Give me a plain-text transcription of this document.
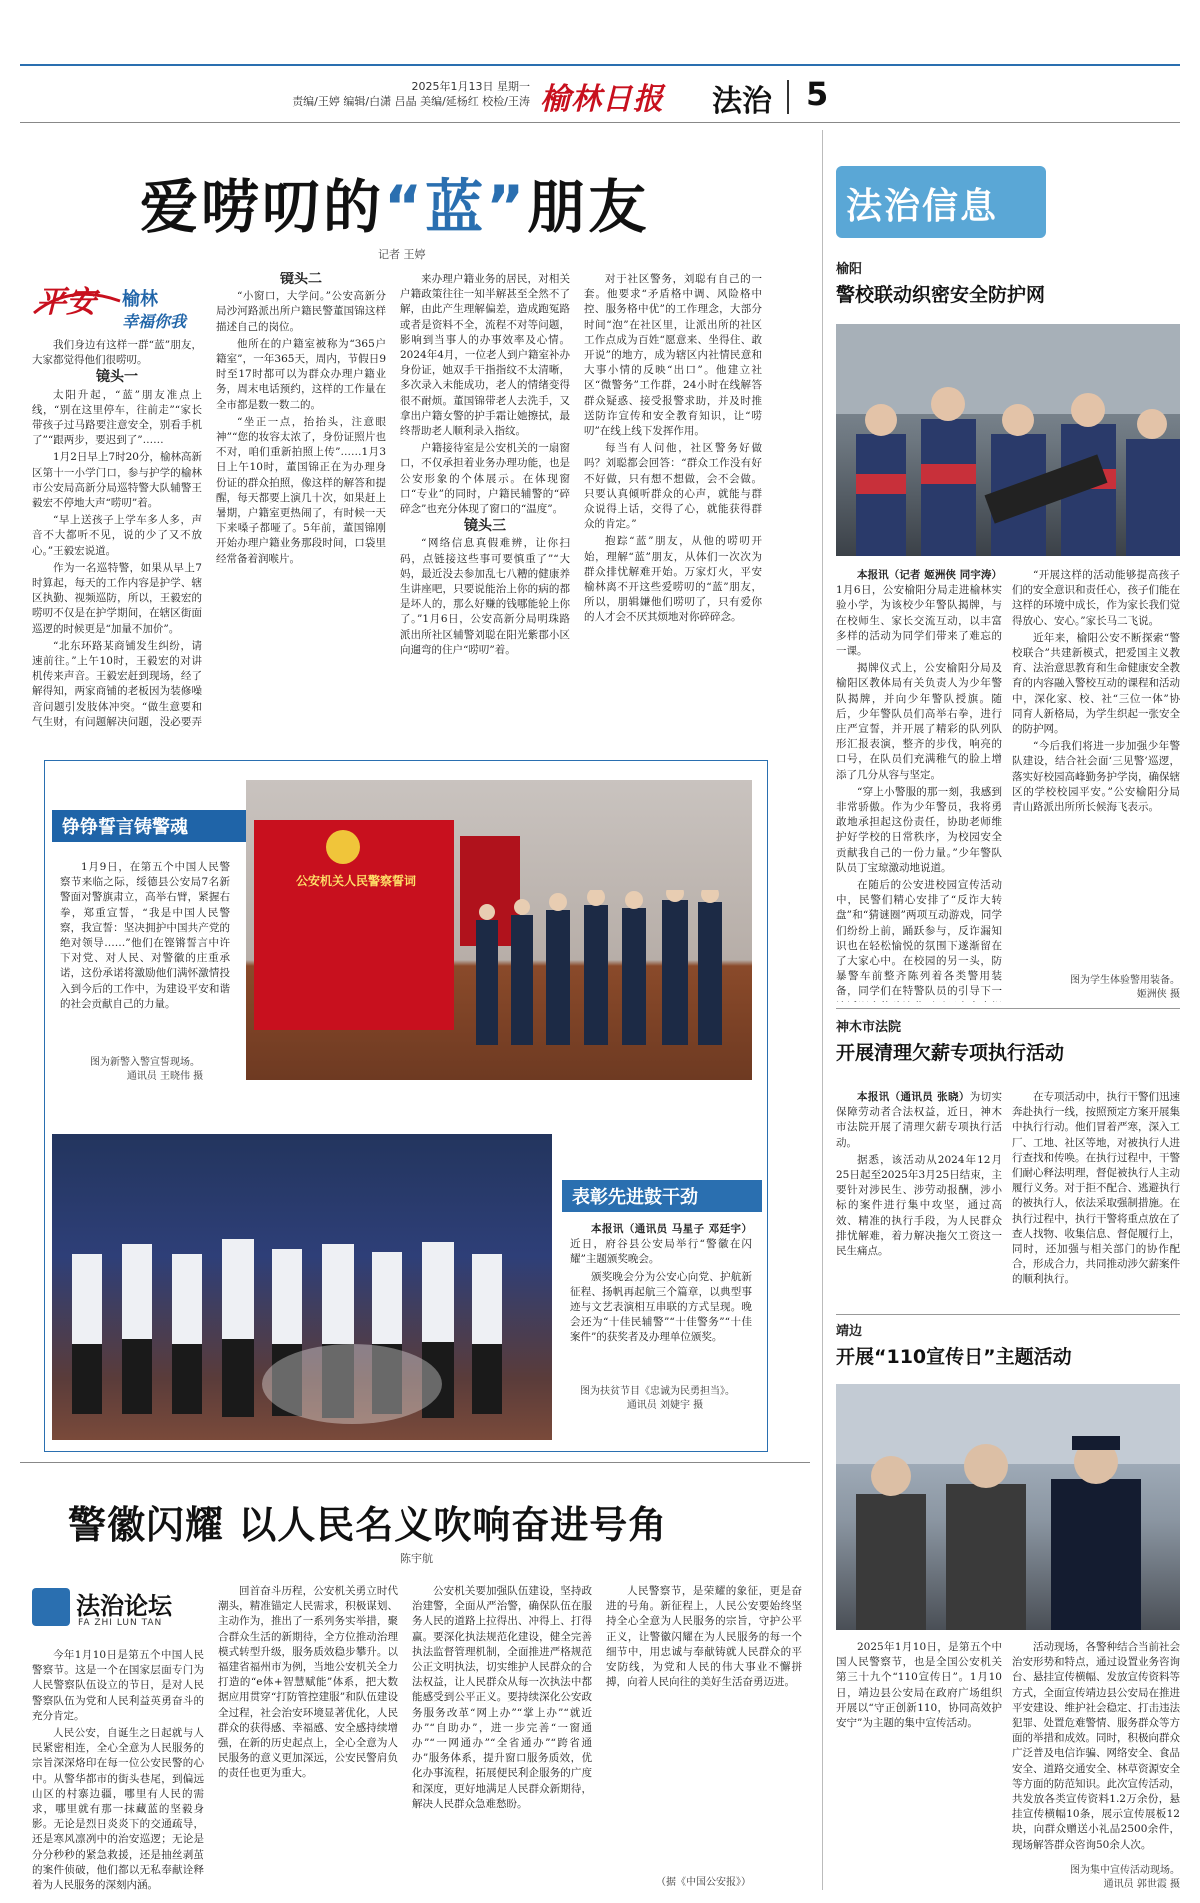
2025年1月13日 星期一
责编/王婷 编辑/白潇 吕晶 美编/延杨红 校检/王涛 榆林日报 法治 5
爱唠叨的“蓝”朋友
记者 王婷
平安 榆林
幸福你我

我们身边有这样一群“蓝”朋友，大家都觉得他们很唠叨。

镜头一

太阳升起，“蓝”朋友准点上线，“别在这里停车，往前走”“家长带孩子过马路要注意安全，别看手机了”“跟两步，要迟到了”……

1月2日早上7时20分，榆林高新区第十一小学门口，参与护学的榆林市公安局高新分局巡特警大队辅警王毅宏不停地大声“唠叨”着。

“早上送孩子上学车多人多，声音不大都听不见，说的少了又不放心。”王毅宏说道。

作为一名巡特警，如果从早上7时算起，每天的工作内容是护学、辖区执勤、视频巡防，所以，王毅宏的唠叨不仅是在护学期间，在辖区街面巡逻的时候更是“加量不加价”。

“北东环路某商铺发生纠纷，请速前往。”上午10时，王毅宏的对讲机传来声音。王毅宏赶到现场，经了解得知，两家商铺的老板因为装修噪音问题引发肢体冲突。“做生意要和气生财，有问题解决问题，没必要弄

镜头二

“小窗口，大学问。”公安高新分局沙河路派出所户籍民警董国锦这样描述自己的岗位。

他所在的户籍室被称为“365户籍室”，一年365天，周内，节假日9时至17时都可以为群众办理户籍业务，周末电话预约，这样的工作量在全市都是数一数二的。

“坐正一点，抬抬头，注意眼神”“您的妆容太浓了，身份证照片也不对，咱们重新拍照上传”……1月3日上午10时，董国锦正在为办理身份证的群众拍照，像这样的解答和提醒，每天都要上演几十次，如果赶上暑期，户籍室更热闹了，有时候一天下来嗓子都哑了。5年前，董国锦刚开始办理户籍业务那段时间，口袋里经常备着润喉片。

来办理户籍业务的居民，对相关户籍政策往往一知半解甚至全然不了解，由此产生理解偏差，造成跑冤路或者是资料不全，流程不对等问题，影响到当事人的办事效率及心情。2024年4月，一位老人到户籍室补办身份证，她双手干指指纹不太清晰，多次录入未能成功，老人的情绪变得很不耐烦。董国锦带老人去洗手，又拿出户籍女警的护手霜让她擦拭，最终帮助老人顺利录入指纹。

户籍接待室是公安机关的一扇窗口，不仅承担着业务办理功能，也是公安形象的个体展示。在体现窗口“专业”的同时，户籍民辅警的“碎碎念”也充分体现了窗口的“温度”。

镜头三

“网络信息真假难辨，让你扫码，点链接这些事可要慎重了”“大妈，最近没去参加乱七八糟的健康养生讲座吧，只要说能治上你的病的都是坏人的，那么好赚的钱哪能轮上你了。”1月6日，公安高新分局明珠路派出所社区辅警刘聪在阳光紫郡小区向遛弯的住户“唠叨”着。

对于社区警务，刘聪有自己的一套。他要求“矛盾格中调、风险格中控、服务格中优”的工作理念，大部分时间“泡”在社区里，让派出所的社区工作点成为百姓“愿意来、坐得住、敢开说”的地方，成为辖区内社情民意和大事小情的反映“出口”。他建立社区“微警务”工作群，24小时在线解答群众疑惑、接受报警求助，并及时推送防诈宣传和安全教育知识，让“唠叨”在线上线下发挥作用。

每当有人问他，社区警务好做吗？刘聪都会回答：“群众工作没有好不好做，只有想不想做，会不会做。只要认真倾听群众的心声，就能与群众说得上话，交得了心，就能获得群众的肯定。”

抱踪“蓝”朋友，从他的唠叨开始，理解“蓝”朋友，从体们一次次为群众排忧解难开始。万家灯火，平安榆林离不开这些爱唠叨的“蓝”朋友，所以，朋辑嫌他们唠叨了，只有爱你的人才会不厌其烦地对你碎碎念。

铮铮誓言铸警魂

1月9日，在第五个中国人民警察节来临之际，绥德县公安局7名新警面对警旗肃立，高举右臂，紧握右拳，郑重宣誓，“我是中国人民警察，我宣誓：坚决拥护中国共产党的绝对领导……”他们在铿锵誓言中许下对党、对人民、对警徽的庄重承诺，这份承诺将激励他们满怀激情投入到今后的工作中，为建设平安和谐的社会贡献自己的力量。

图为新警入警宣誓现场。
通讯员 王晓伟 摄
公安机关人民警察誓词
表彰先进鼓干劲

本报讯（通讯员 马星子 邓廷宇）近日，府谷县公安局举行“警徽在闪耀”主题颁奖晚会。

颁奖晚会分为公安心向党、护航新征程、扬帆再起航三个篇章，以典型事迹与文艺表演相互串联的方式呈现。晚会还为“十佳民辅警”“十佳警务”“十佳案件”的获奖者及办理单位颁奖。

图为扶贫节目《忠诚为民勇担当》。
通讯员 刘婕宇 摄
法治信息
榆阳
警校联动织密安全防护网

本报讯（记者 姬洲侠 同宇涛）1月6日，公安榆阳分局走进榆林实验小学，为该校少年警队揭牌，与在校师生、家长交流互动，以丰富多样的活动为同学们带来了难忘的一课。

揭牌仪式上，公安榆阳分局及榆阳区教体局有关负责人为少年警队揭牌，并向少年警队授旗。随后，少年警队员们高举右拳，进行庄严宣誓，并开展了精彩的队列队形汇报表演，整齐的步伐，响亮的口号，在队员们充满稚气的脸上增添了几分从容与坚定。

“穿上小警服的那一刻，我感到非常骄傲。作为少年警员，我将勇敢地承担起这份责任，协助老师维护好学校的日常秩序，为校园安全贡献我自己的一份力量。”少年警队队员丁宝琼激动地说道。

在随后的公安进校园宣传活动中，民警们精心安排了“反诈大转盘”和“猜谜圈”两项互动游戏，同学们纷纷上前，踊跃参与，反诈漏知识也在轻松愉悦的氛围下遂渐留在了大家心中。在校园的另一头，防暴警车前整齐陈列着各类警用装备，同学们在特警队员的引导下一

“开展这样的活动能够提高孩子们的安全意识和责任心，孩子们能在这样的环境中成长，作为家长我们觉得放心、安心。”家长马二飞说。

近年来，榆阳公安不断探索“警校联合”共建新模式，把爱国主义教育、法治意思教育和生命健康安全教育的内容融入警校互动的课程和活动中，深化家、校、社“三位一体”协同育人新格局，为学生织起一张安全的防护网。

“今后我们将进一步加强少年警队建设，结合社会面‘三见警’巡逻，落实好校园高峰勤务护学岗，确保辖区的学校校园平安。”公安榆阳分局青山路派出所所长候海飞表示。

图为学生体验警用装备。
姬洲侠 摄
神木市法院
开展清理欠薪专项执行活动

本报讯（通讯员 张晓）为切实保障劳动者合法权益，近日，神木市法院开展了清理欠薪专项执行活动。

据悉，该活动从2024年12月25日起至2025年3月25日结束，主要针对涉民生、涉劳动报酬，涉小标的案件进行集中攻坚，通过高效、精准的执行手段，为人民群众排忧解难，着力解决拖欠工资这一民生痛点。

在专项活动中，执行干警们迅速奔赴执行一线，按照预定方案开展集中执行行动。他们冒着严寒，深入工厂、工地、社区等地，对被执行人进行查找和传唤。在执行过程中，干警们耐心释法明理，督促被执行人主动履行义务。对于拒不配合、逃避执行的被执行人，依法采取强制措施。在执行过程中，执行干警将重点放在了查人找物、收集信息、督促履行上，同时，还加强与相关部门的协作配合，形成合力，共同推动涉欠薪案件的顺利执行。

靖边
开展“110宣传日”主题活动

2025年1月10日，是第五个中国人民警察节，也是全国公安机关第三十九个“110宣传日”。1月10日，靖边县公安局在政府广场组织开展以“守正创新110，协同高效护安宁”为主题的集中宣传活动。

活动现场，各警种结合当前社会治安形势和特点，通过设置业务咨询台、悬挂宣传横幅、发放宣传资料等方式，全面宣传靖边县公安局在推进平安建设、维护社会稳定、打击违法犯罪、处置危难警情、服务群众等方面的举措和成效。同时，积极向群众广泛普及电信诈骗、网络安全、食品安全、道路交通安全、林草资源安全等方面的防范知识。此次宣传活动，共发放各类宣传资料1.2万余份，悬挂宣传横幅10条，展示宣传展板12块，向群众赠送小礼品2500余件，现场解答群众咨询50余人次。

图为集中宣传活动现场。
通讯员 郭世霞 摄
警徽闪耀 以人民名义吹响奋进号角
陈宇航
法治论坛
FA ZHI LUN TAN

今年1月10日是第五个中国人民警察节。这是一个在国家层面专门为人民警察队伍设立的节日，是对人民警察队伍为党和人民利益英勇奋斗的充分肯定。

人民公安，自诞生之日起就与人民紧密相连，全心全意为人民服务的宗旨深深烙印在每一位公安民警的心中。从警华都市的街头巷尾，到偏远山区的村寨边疆，哪里有人民的需求，哪里就有那一抹藏蓝的坚毅身影。无论是烈日炎炎下的交通疏导，还是寒风凛冽中的治安巡逻；无论是分分秒秒的紧急救援，还是抽丝剥茧的案件侦破，他们都以无私奉献诠释着为人民服务的深刻内涵。

回首奋斗历程，公安机关勇立时代潮头，精准锚定人民需求，积极谋划、主动作为，推出了一系列务实举措，聚合群众生活的新期待，全方位推动治理模式转型升级，服务质效稳步攀升。以福建省福州市为例，当地公安机关全力打造的“e体+智慧赋能”体系，把大数据应用贯穿“打防管控建服”和队伍建设全过程，社会治安环境显著优化，人民群众的获得感、幸福感、安全感持续增强，在新的历史起点上，全心全意为人民服务的意义更加深远，公安民警肩负的责任也更为重大。

公安机关要加强队伍建设，坚持政治建警，全面从严治警，确保队伍在服务人民的道路上拉得出、冲得上、打得赢。要深化执法规范化建设，健全完善执法监督管理机制，全面推进严格规范公正文明执法，切实维护人民群众的合法权益，让人民群众从每一次执法中都能感受到公平正义。要持续深化公安政务服务改革“网上办”“掌上办”“就近办”“自助办”，进一步完善“一窗通办”“一网通办”“全省通办”“跨省通办”服务体系，提升窗口服务质效，优化办事流程，拓展便民利企服务的广度和深度，更好地满足人民群众新期待，解决人民群众急难愁盼。

人民警察节，是荣耀的象征，更是奋进的号角。新征程上，人民公安要始终坚持全心全意为人民服务的宗旨，守护公平正义，让警徽闪耀在为人民服务的每一个细节中，用忠诚与奉献铸就人民群众的平安防线，为党和人民的伟大事业不懈拼搏，向着人民向往的美好生活奋勇迈进。

（据《中国公安报》）
